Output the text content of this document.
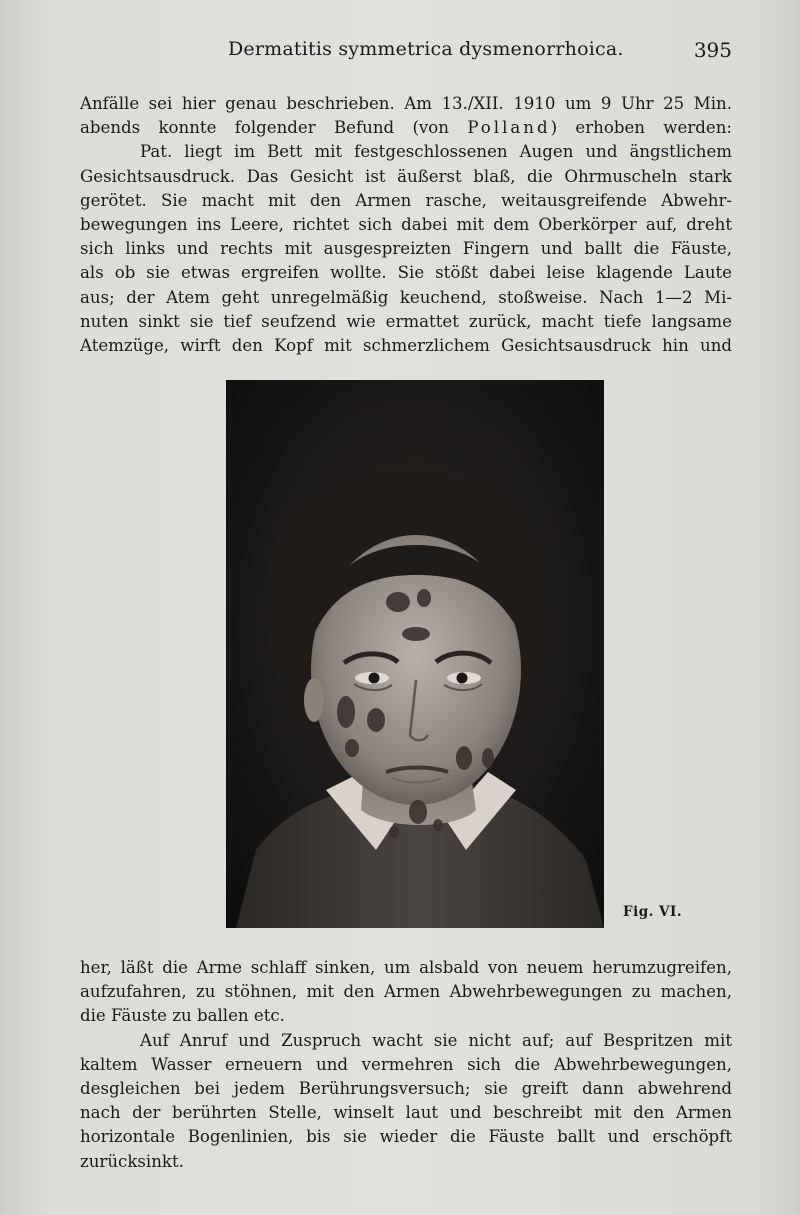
Dermatitis symmetrica dysmenorrhoica.	395
Anfälle sei hier genau beschrieben. Am 13./XII. 1910 um 9 Uhr 25 Min.
abends konnte folgender Befund (von Polland) erhoben werden:
Pat. liegt im Bett mit festgeschlossenen Augen und ängstlichem
Gesichtsausdruck. Das Gesicht ist äußerst blaß, die Ohrmuscheln stark
gerötet. Sie macht mit den Armen rasche, weitausgreifende Abwehr-
bewegungen ins Leere, richtet sich dabei mit dem Oberkörper auf, dreht
sich links und rechts mit ausgespreizten Fingern und ballt die Fäuste,
als ob sie etwas ergreifen wollte. Sie stößt dabei leise klagende Laute
aus; der Atem geht unregelmäßig keuchend, stoßweise. Nach 1—2 Mi-
nuten sinkt sie tief seufzend wie ermattet zurück, macht tiefe langsame
Atemzüge, wirft den Kopf mit schmerzlichem Gesichtsausdruck hin und
Fig. VI.
her, läßt die Arme schlaff sinken, um alsbald von neuem herumzugreifen,
aufzufahren, zu stöhnen, mit den Armen Abwehrbewegungen zu machen,
die Fäuste zu ballen etc.
Auf Anruf und Zuspruch wacht sie nicht auf; auf Bespritzen mit
kaltem Wasser erneuern und vermehren sich die Abwehrbewegungen,
desgleichen bei jedem Berührungsversuch; sie greift dann abwehrend
nach der berührten Stelle, winselt laut und beschreibt mit den Armen
horizontale Bogenlinien, bis sie wieder die Fäuste ballt und erschöpft
zurücksinkt.
